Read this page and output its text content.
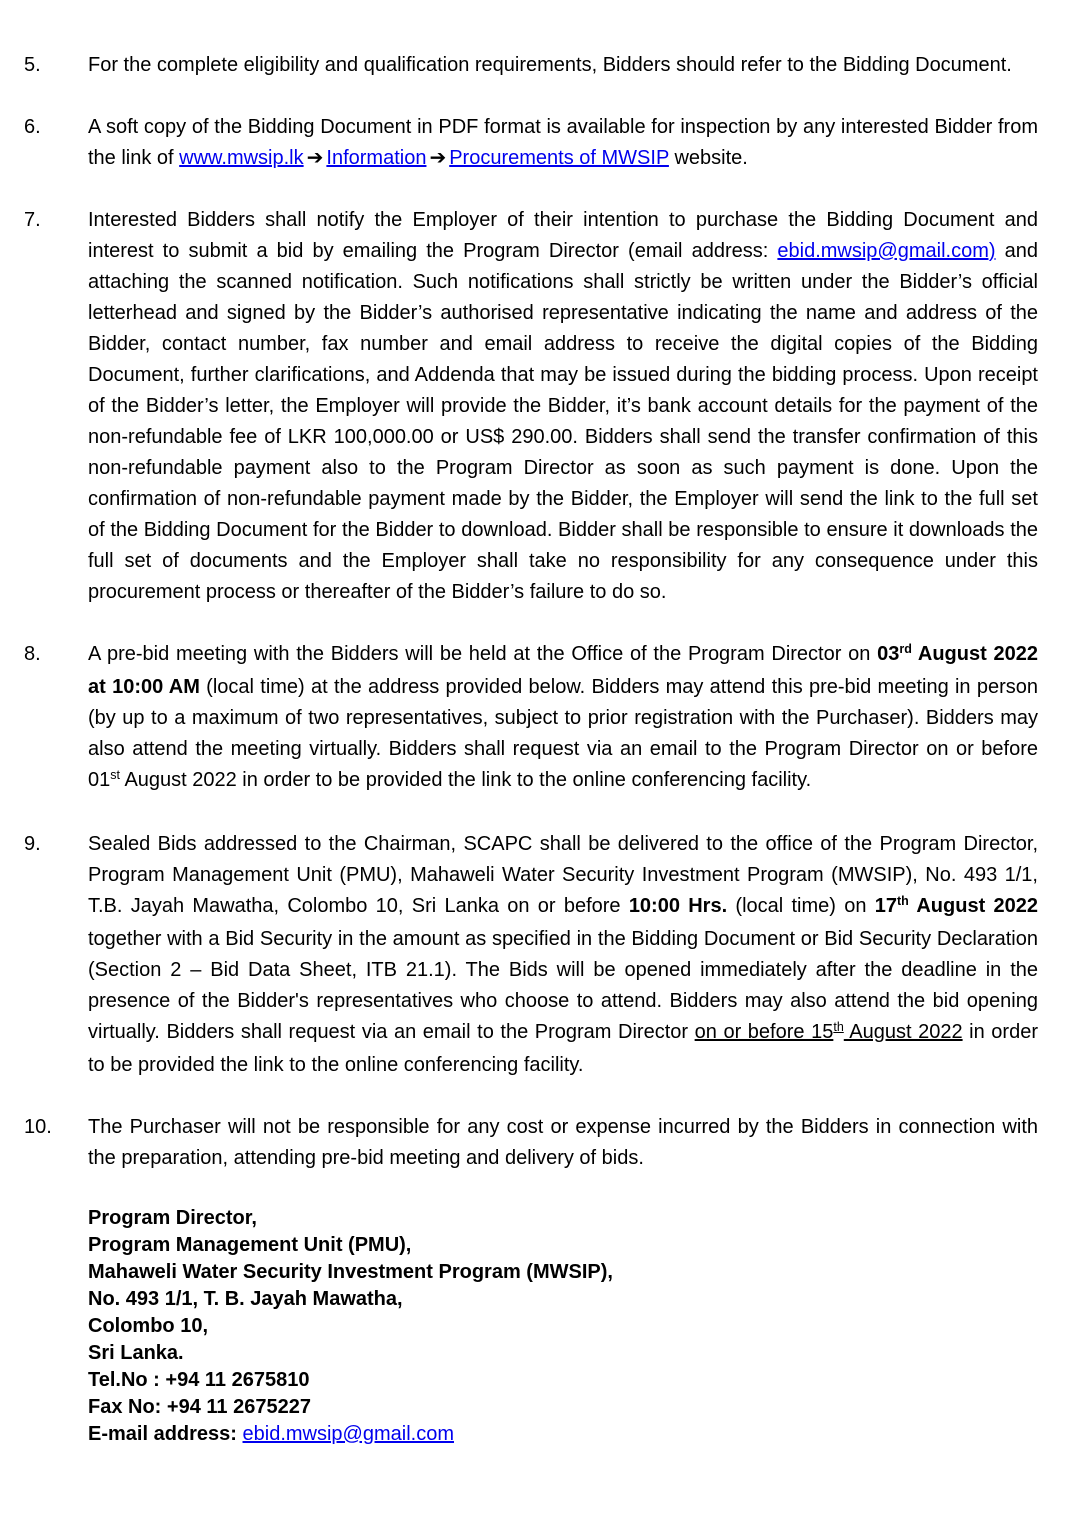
5.	For the complete eligibility and qualification requirements, Bidders should refer to the Bidding Document.
6.	A soft copy of the Bidding Document in PDF format is available for inspection by any interested Bidder from the link of www.mwsip.lk ➔ Information ➔ Procurements of MWSIP website.
7.	Interested Bidders shall notify the Employer of their intention to purchase the Bidding Document and interest to submit a bid by emailing the Program Director (email address: ebid.mwsip@gmail.com) and attaching the scanned notification. Such notifications shall strictly be written under the Bidder’s official letterhead and signed by the Bidder’s authorised representative indicating the name and address of the Bidder, contact number, fax number and email address to receive the digital copies of the Bidding Document, further clarifications, and Addenda that may be issued during the bidding process. Upon receipt of the Bidder’s letter, the Employer will provide the Bidder, it’s bank account details for the payment of the non-refundable fee of LKR 100,000.00 or US$ 290.00. Bidders shall send the transfer confirmation of this non-refundable payment also to the Program Director as soon as such payment is done. Upon the confirmation of non-refundable payment made by the Bidder, the Employer will send the link to the full set of the Bidding Document for the Bidder to download. Bidder shall be responsible to ensure it downloads the full set of documents and the Employer shall take no responsibility for any consequence under this procurement process or thereafter of the Bidder’s failure to do so.
8.	A pre-bid meeting with the Bidders will be held at the Office of the Program Director on 03rd August 2022 at 10:00 AM (local time) at the address provided below. Bidders may attend this pre-bid meeting in person (by up to a maximum of two representatives, subject to prior registration with the Purchaser). Bidders may also attend the meeting virtually. Bidders shall request via an email to the Program Director on or before 01st August 2022 in order to be provided the link to the online conferencing facility.
9.	Sealed Bids addressed to the Chairman, SCAPC shall be delivered to the office of the Program Director, Program Management Unit (PMU), Mahaweli Water Security Investment Program (MWSIP), No. 493 1/1, T.B. Jayah Mawatha, Colombo 10, Sri Lanka on or before 10:00 Hrs. (local time) on 17th August 2022 together with a Bid Security in the amount as specified in the Bidding Document or Bid Security Declaration (Section 2 – Bid Data Sheet, ITB 21.1). The Bids will be opened immediately after the deadline in the presence of the Bidder's representatives who choose to attend. Bidders may also attend the bid opening virtually. Bidders shall request via an email to the Program Director on or before 15th August 2022 in order to be provided the link to the online conferencing facility.
10.	The Purchaser will not be responsible for any cost or expense incurred by the Bidders in connection with the preparation, attending pre-bid meeting and delivery of bids.
Program Director,
Program Management Unit (PMU),
Mahaweli Water Security Investment Program (MWSIP),
No. 493 1/1, T. B. Jayah Mawatha,
Colombo 10,
Sri Lanka.
Tel.No : +94 11 2675810
Fax No: +94 11 2675227
E-mail address: ebid.mwsip@gmail.com
